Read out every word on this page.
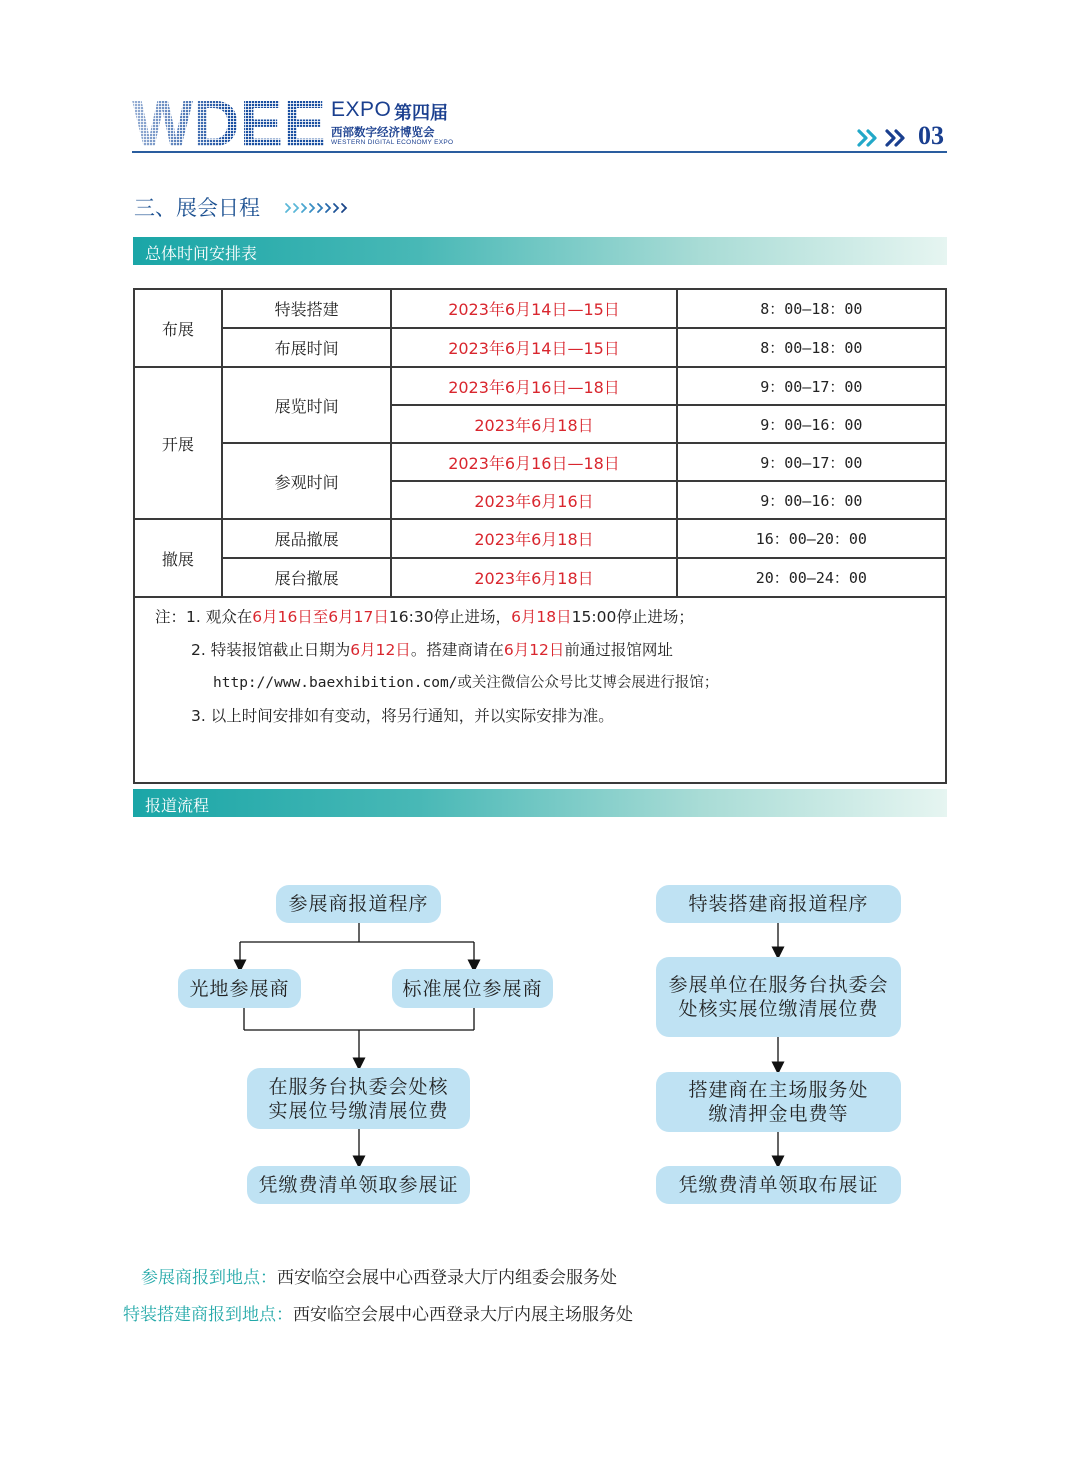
EXPO 第四届
西部数字经济博览会
WESTERN DIGITAL ECONOMY EXPO	03
三、展会日程
总体时间安排表
布展	特装搭建	2023年6月14日—15日	8：00—18：00
	布展时间	2023年6月14日—15日	8：00—18：00
开展	展览时间	2023年6月16日—18日	9：00—17：00
		2023年6月18日	9：00—16：00
	参观时间	2023年6月16日—18日	9：00—17：00
		2023年6月16日	9：00—16：00
撤展	展品撤展	2023年6月18日	16：00—20：00
	展台撤展	2023年6月18日	20：00—24：00

注：1. 观众在6月16日至6月17日16:30停止进场，6月18日15:00停止进场；
2. 特装报馆截止日期为6月12日。搭建商请在6月12日前通过报馆网址
http://www.baexhibition.com/或关注微信公众号比艾博会展进行报馆；
3. 以上时间安排如有变动，将另行通知，并以实际安排为准。			
报道流程
参展商报道程序
光地参展商	标准展位参展商
在服务台执委会处核
实展位号缴清展位费
凭缴费清单领取参展证
特装搭建商报道程序
参展单位在服务台执委会
处核实展位缴清展位费
搭建商在主场服务处
缴清押金电费等
凭缴费清单领取布展证
参展商报到地点：西安临空会展中心西登录大厅内组委会服务处
特装搭建商报到地点：西安临空会展中心西登录大厅内展主场服务处
